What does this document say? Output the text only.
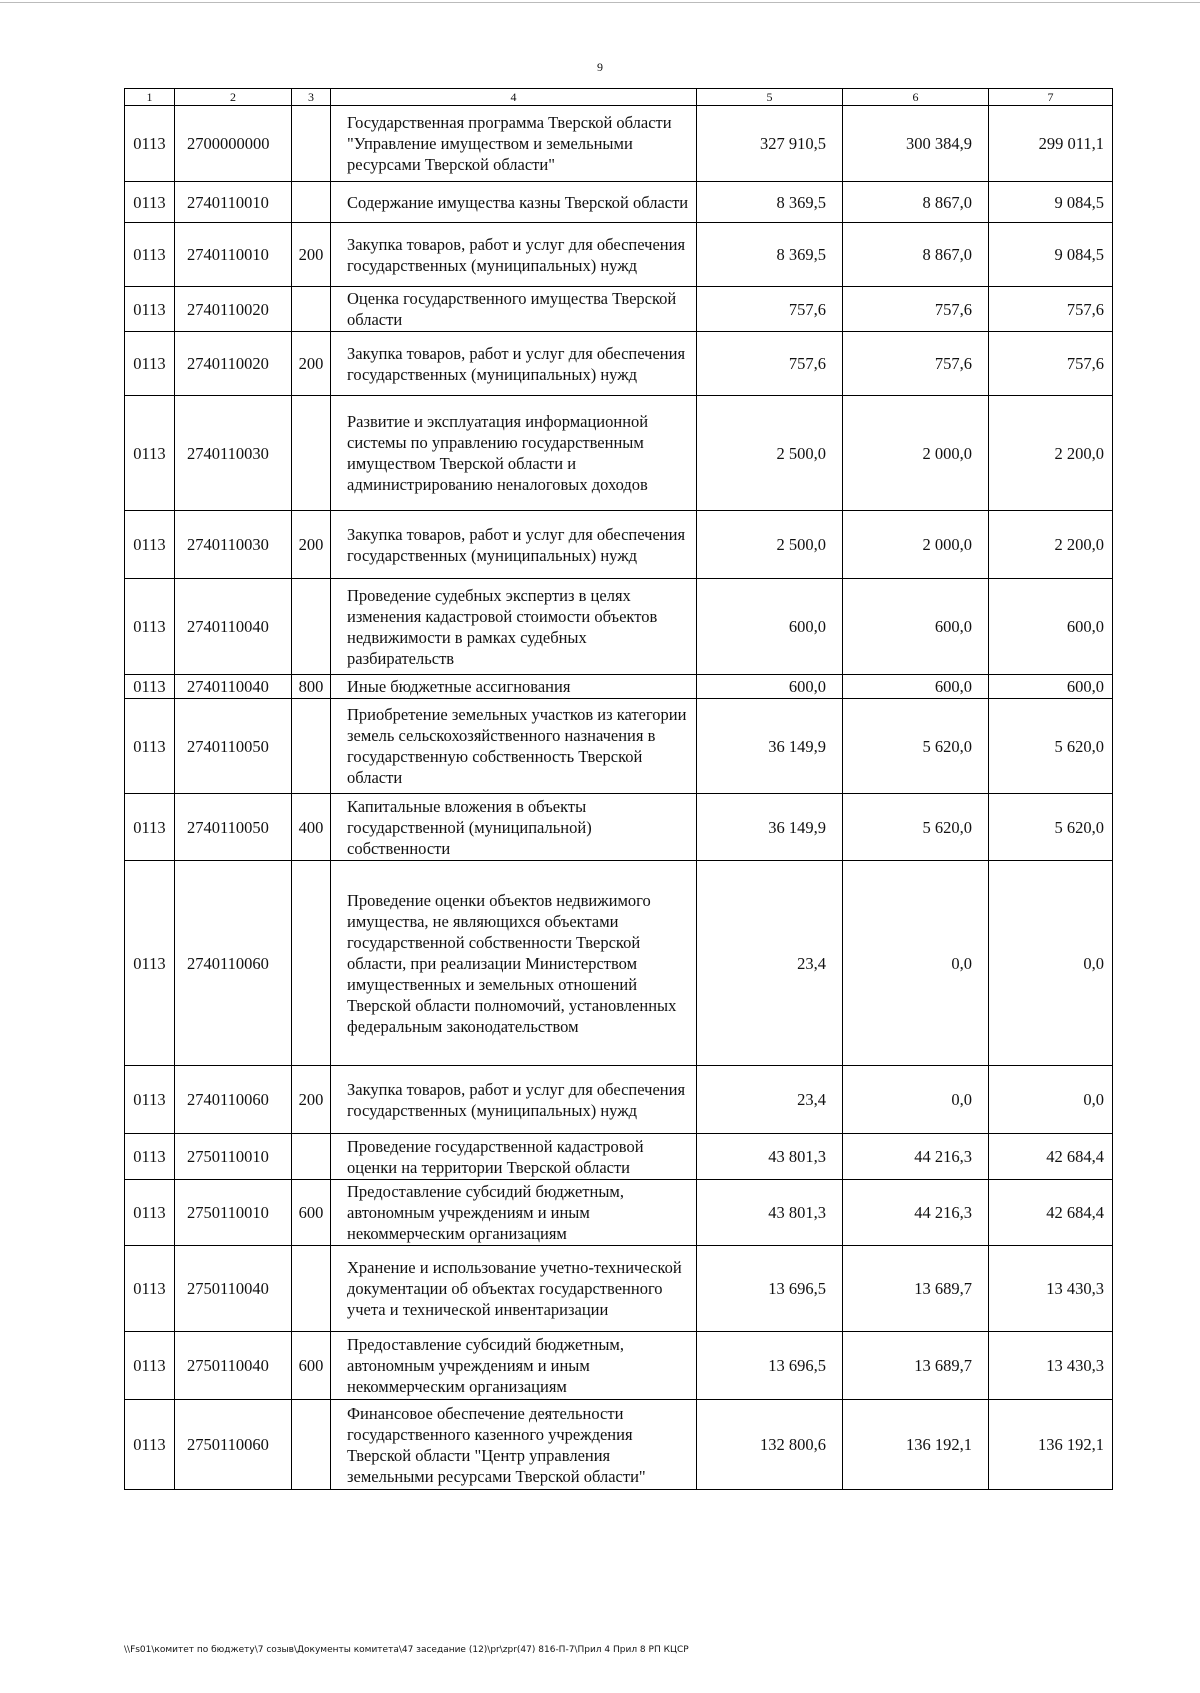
9
1	2	3	4	5	6	7
0113	2700000000		Государственная программа Тверской области "Управление имуществом и земельными ресурсами Тверской области"	327 910,5	300 384,9	299 011,1
0113	2740110010		Содержание имущества казны Тверской области	8 369,5	8 867,0	9 084,5
0113	2740110010	200	Закупка товаров, работ и услуг для обеспечения государственных (муниципальных) нужд	8 369,5	8 867,0	9 084,5
0113	2740110020		Оценка государственного имущества Тверской области	757,6	757,6	757,6
0113	2740110020	200	Закупка товаров, работ и услуг для обеспечения государственных (муниципальных) нужд	757,6	757,6	757,6
0113	2740110030		Развитие и эксплуатация информационной системы по управлению государственным имуществом Тверской области и администрированию неналоговых доходов	2 500,0	2 000,0	2 200,0
0113	2740110030	200	Закупка товаров, работ и услуг для обеспечения государственных (муниципальных) нужд	2 500,0	2 000,0	2 200,0
0113	2740110040		Проведение судебных экспертиз в целях изменения кадастровой стоимости объектов недвижимости в рамках судебных разбирательств	600,0	600,0	600,0
0113	2740110040	800	Иные бюджетные ассигнования	600,0	600,0	600,0
0113	2740110050		Приобретение земельных участков из категории земель сельскохозяйственного назначения в государственную собственность Тверской области	36 149,9	5 620,0	5 620,0
0113	2740110050	400	Капитальные вложения в объекты государственной (муниципальной) собственности	36 149,9	5 620,0	5 620,0
0113	2740110060		Проведение оценки объектов недвижимого имущества, не являющихся объектами государственной собственности Тверской области, при реализации Министерством имущественных и земельных отношений Тверской области полномочий, установленных федеральным законодательством	23,4	0,0	0,0
0113	2740110060	200	Закупка товаров, работ и услуг для обеспечения государственных (муниципальных) нужд	23,4	0,0	0,0
0113	2750110010		Проведение государственной кадастровой оценки на территории Тверской области	43 801,3	44 216,3	42 684,4
0113	2750110010	600	Предоставление субсидий бюджетным, автономным учреждениям и иным некоммерческим организациям	43 801,3	44 216,3	42 684,4
0113	2750110040		Хранение и использование учетно-технической документации об объектах государственного учета и технической инвентаризации	13 696,5	13 689,7	13 430,3
0113	2750110040	600	Предоставление субсидий бюджетным, автономным учреждениям и иным некоммерческим организациям	13 696,5	13 689,7	13 430,3
0113	2750110060		Финансовое обеспечение деятельности государственного казенного учреждения Тверской области "Центр управления земельными ресурсами Тверской области"	132 800,6	136 192,1	136 192,1
\\Fs01\комитет по бюджету\7 созыв\Документы комитета\47 заседание (12)\pr\zpr(47) 816-П-7\Прил 4 Прил 8 РП КЦСР
